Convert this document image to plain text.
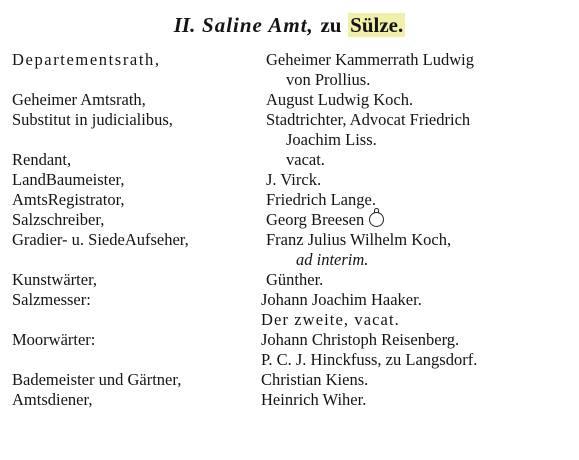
II. Saline Amt, zu Sülze.
Departementsrath,	Geheimer Kammerrath Ludwig
von Prollius.
Geheimer Amtsrath,	August Ludwig Koch.
Substitut in judicialibus,	Stadtrichter, Advocat Friedrich
Joachim Liss.
Rendant,	vacat.
LandBaumeister,	J. Virck.
AmtsRegistrator,	Friedrich Lange.
Salzschreiber,	Georg Breesen
Gradier- u. SiedeAufseher,	Franz Julius Wilhelm Koch,
ad interim.
Kunstwärter,	Günther.
Salzmesser:	Johann Joachim Haaker.
Der zweite, vacat.
Moorwärter:	Johann Christoph Reisenberg.
P. C. J. Hinckfuss, zu Langsdorf.
Bademeister und Gärtner,	Christian Kiens.
Amtsdiener,	Heinrich Wiher.
